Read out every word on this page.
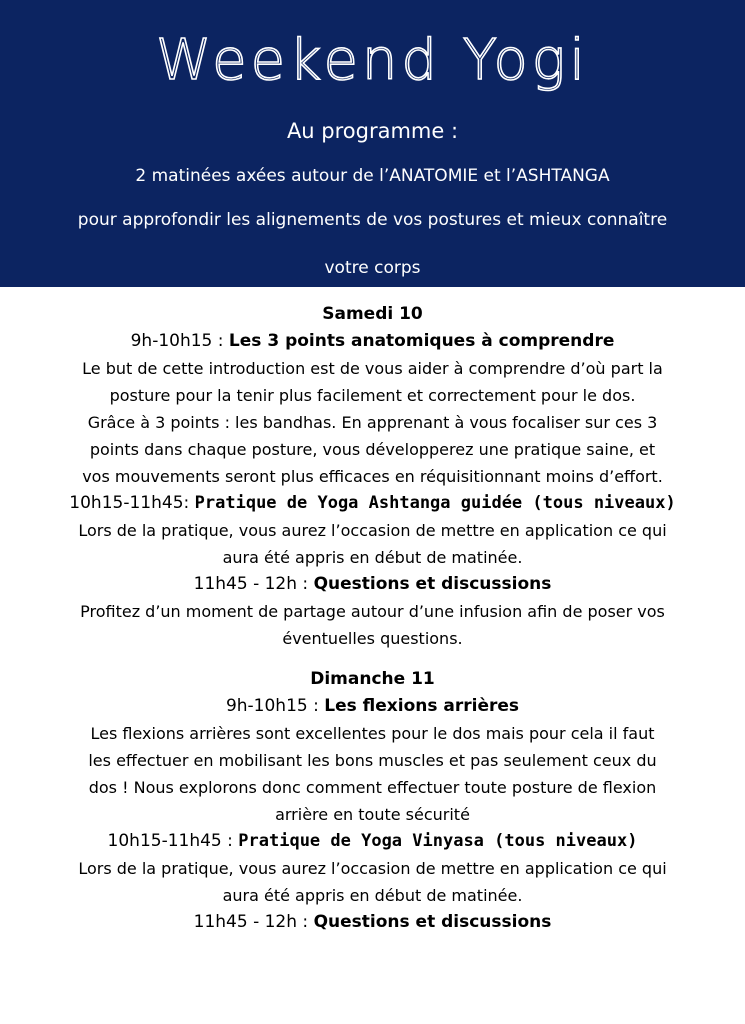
Weekend Yogi
Au programme :
2 matinées axées autour de l’ANATOMIE et l’ASHTANGA
pour approfondir les alignements de vos postures et mieux connaître
votre corps
Samedi 10
9h-10h15 : Les 3 points anatomiques à comprendre
Le but de cette introduction est de vous aider à comprendre d’où part la
posture pour la tenir plus facilement et correctement pour le dos.
Grâce à 3 points : les bandhas. En apprenant à vous focaliser sur ces 3
points dans chaque posture, vous développerez une pratique saine, et
vos mouvements seront plus efficaces en réquisitionnant moins d’effort.
10h15-11h45: Pratique de Yoga Ashtanga guidée (tous niveaux)
Lors de la pratique, vous aurez l’occasion de mettre en application ce qui
aura été appris en début de matinée.
11h45 - 12h : Questions et discussions
Profitez d’un moment de partage autour d’une infusion afin de poser vos
éventuelles questions.
Dimanche 11
9h-10h15 : Les flexions arrières
Les flexions arrières sont excellentes pour le dos mais pour cela il faut
les effectuer en mobilisant les bons muscles et pas seulement ceux du
dos ! Nous explorons donc comment effectuer toute posture de flexion
arrière en toute sécurité
10h15-11h45 : Pratique de Yoga Vinyasa (tous niveaux)
Lors de la pratique, vous aurez l’occasion de mettre en application ce qui
aura été appris en début de matinée.
11h45 - 12h : Questions et discussions
